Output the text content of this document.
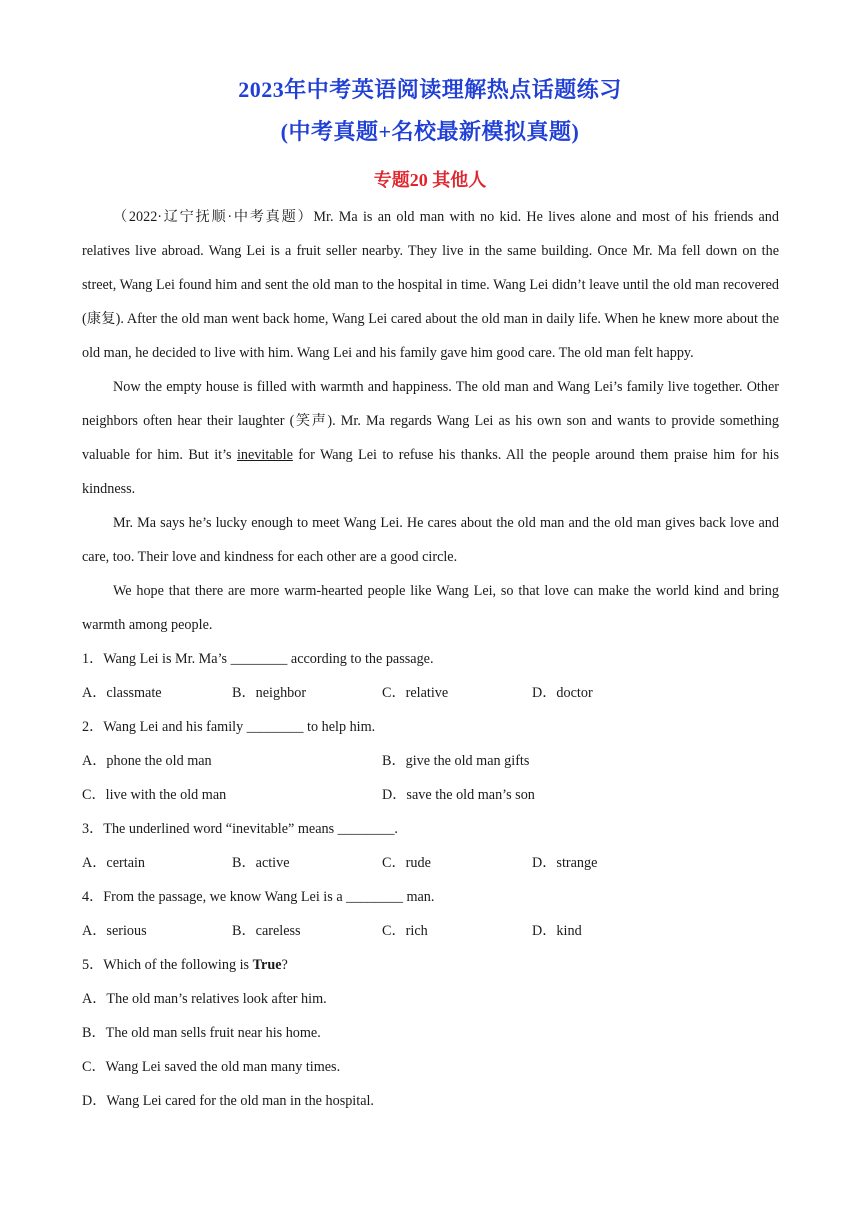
2023年中考英语阅读理解热点话题练习
(中考真题+名校最新模拟真题)
专题20 其他人

（2022·辽宁抚顺·中考真题）Mr. Ma is an old man with no kid. He lives alone and most of his friends and relatives live abroad. Wang Lei is a fruit seller nearby. They live in the same building. Once Mr. Ma fell down on the street, Wang Lei found him and sent the old man to the hospital in time. Wang Lei didn’t leave until the old man recovered (康复). After the old man went back home, Wang Lei cared about the old man in daily life. When he knew more about the old man, he decided to live with him. Wang Lei and his family gave him good care. The old man felt happy.

Now the empty house is filled with warmth and happiness. The old man and Wang Lei’s family live together. Other neighbors often hear their laughter (笑声). Mr. Ma regards Wang Lei as his own son and wants to provide something valuable for him. But it’s inevitable for Wang Lei to refuse his thanks. All the people around them praise him for his kindness.

Mr. Ma says he’s lucky enough to meet Wang Lei. He cares about the old man and the old man gives back love and care, too. Their love and kindness for each other are a good circle.

We hope that there are more warm-hearted people like Wang Lei, so that love can make the world kind and bring warmth among people.

1．Wang Lei is Mr. Ma’s ________ according to the passage.
A．classmate	B．neighbor	C．relative	D．doctor
2．Wang Lei and his family ________ to help him.
A．phone the old man	B．give the old man gifts
C．live with the old man	D．save the old man’s son
3．The underlined word “inevitable” means ________.
A．certain	B．active	C．rude	D．strange
4．From the passage, we know Wang Lei is a ________ man.
A．serious	B．careless	C．rich	D．kind
5．Which of the following is True?
A．The old man’s relatives look after him.
B．The old man sells fruit near his home.
C．Wang Lei saved the old man many times.
D．Wang Lei cared for the old man in the hospital.
